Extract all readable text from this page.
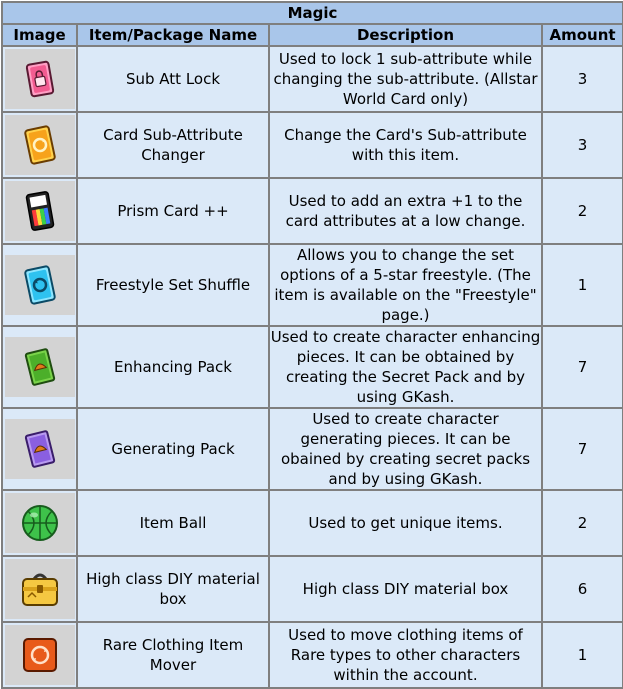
Magic			
Image	Item/Package Name	Description	Amount

	Sub Att Lock	Used to lock 1 sub-attribute while changing the sub-attribute. (Allstar World Card only)	3

	Card Sub-Attribute Changer	Change the Card's Sub-attribute with this item.	3

	Prism Card ++	Used to add an extra +1 to the card attributes at a low change.	2

	Freestyle Set Shuffle	Allows you to change the set options of a 5-star freestyle. (The item is available on the "Freestyle" page.)	1

	Enhancing Pack	Used to create character enhancing pieces. It can be obtained by creating the Secret Pack and by using GKash.	7

	Generating Pack	Used to create character generating pieces. It can be obained by creating secret packs and by using GKash.	7

	Item Ball	Used to get unique items.	2

	High class DIY material box	High class DIY material box	6

	Rare Clothing Item Mover	Used to move clothing items of Rare types to other characters within the account.	1
